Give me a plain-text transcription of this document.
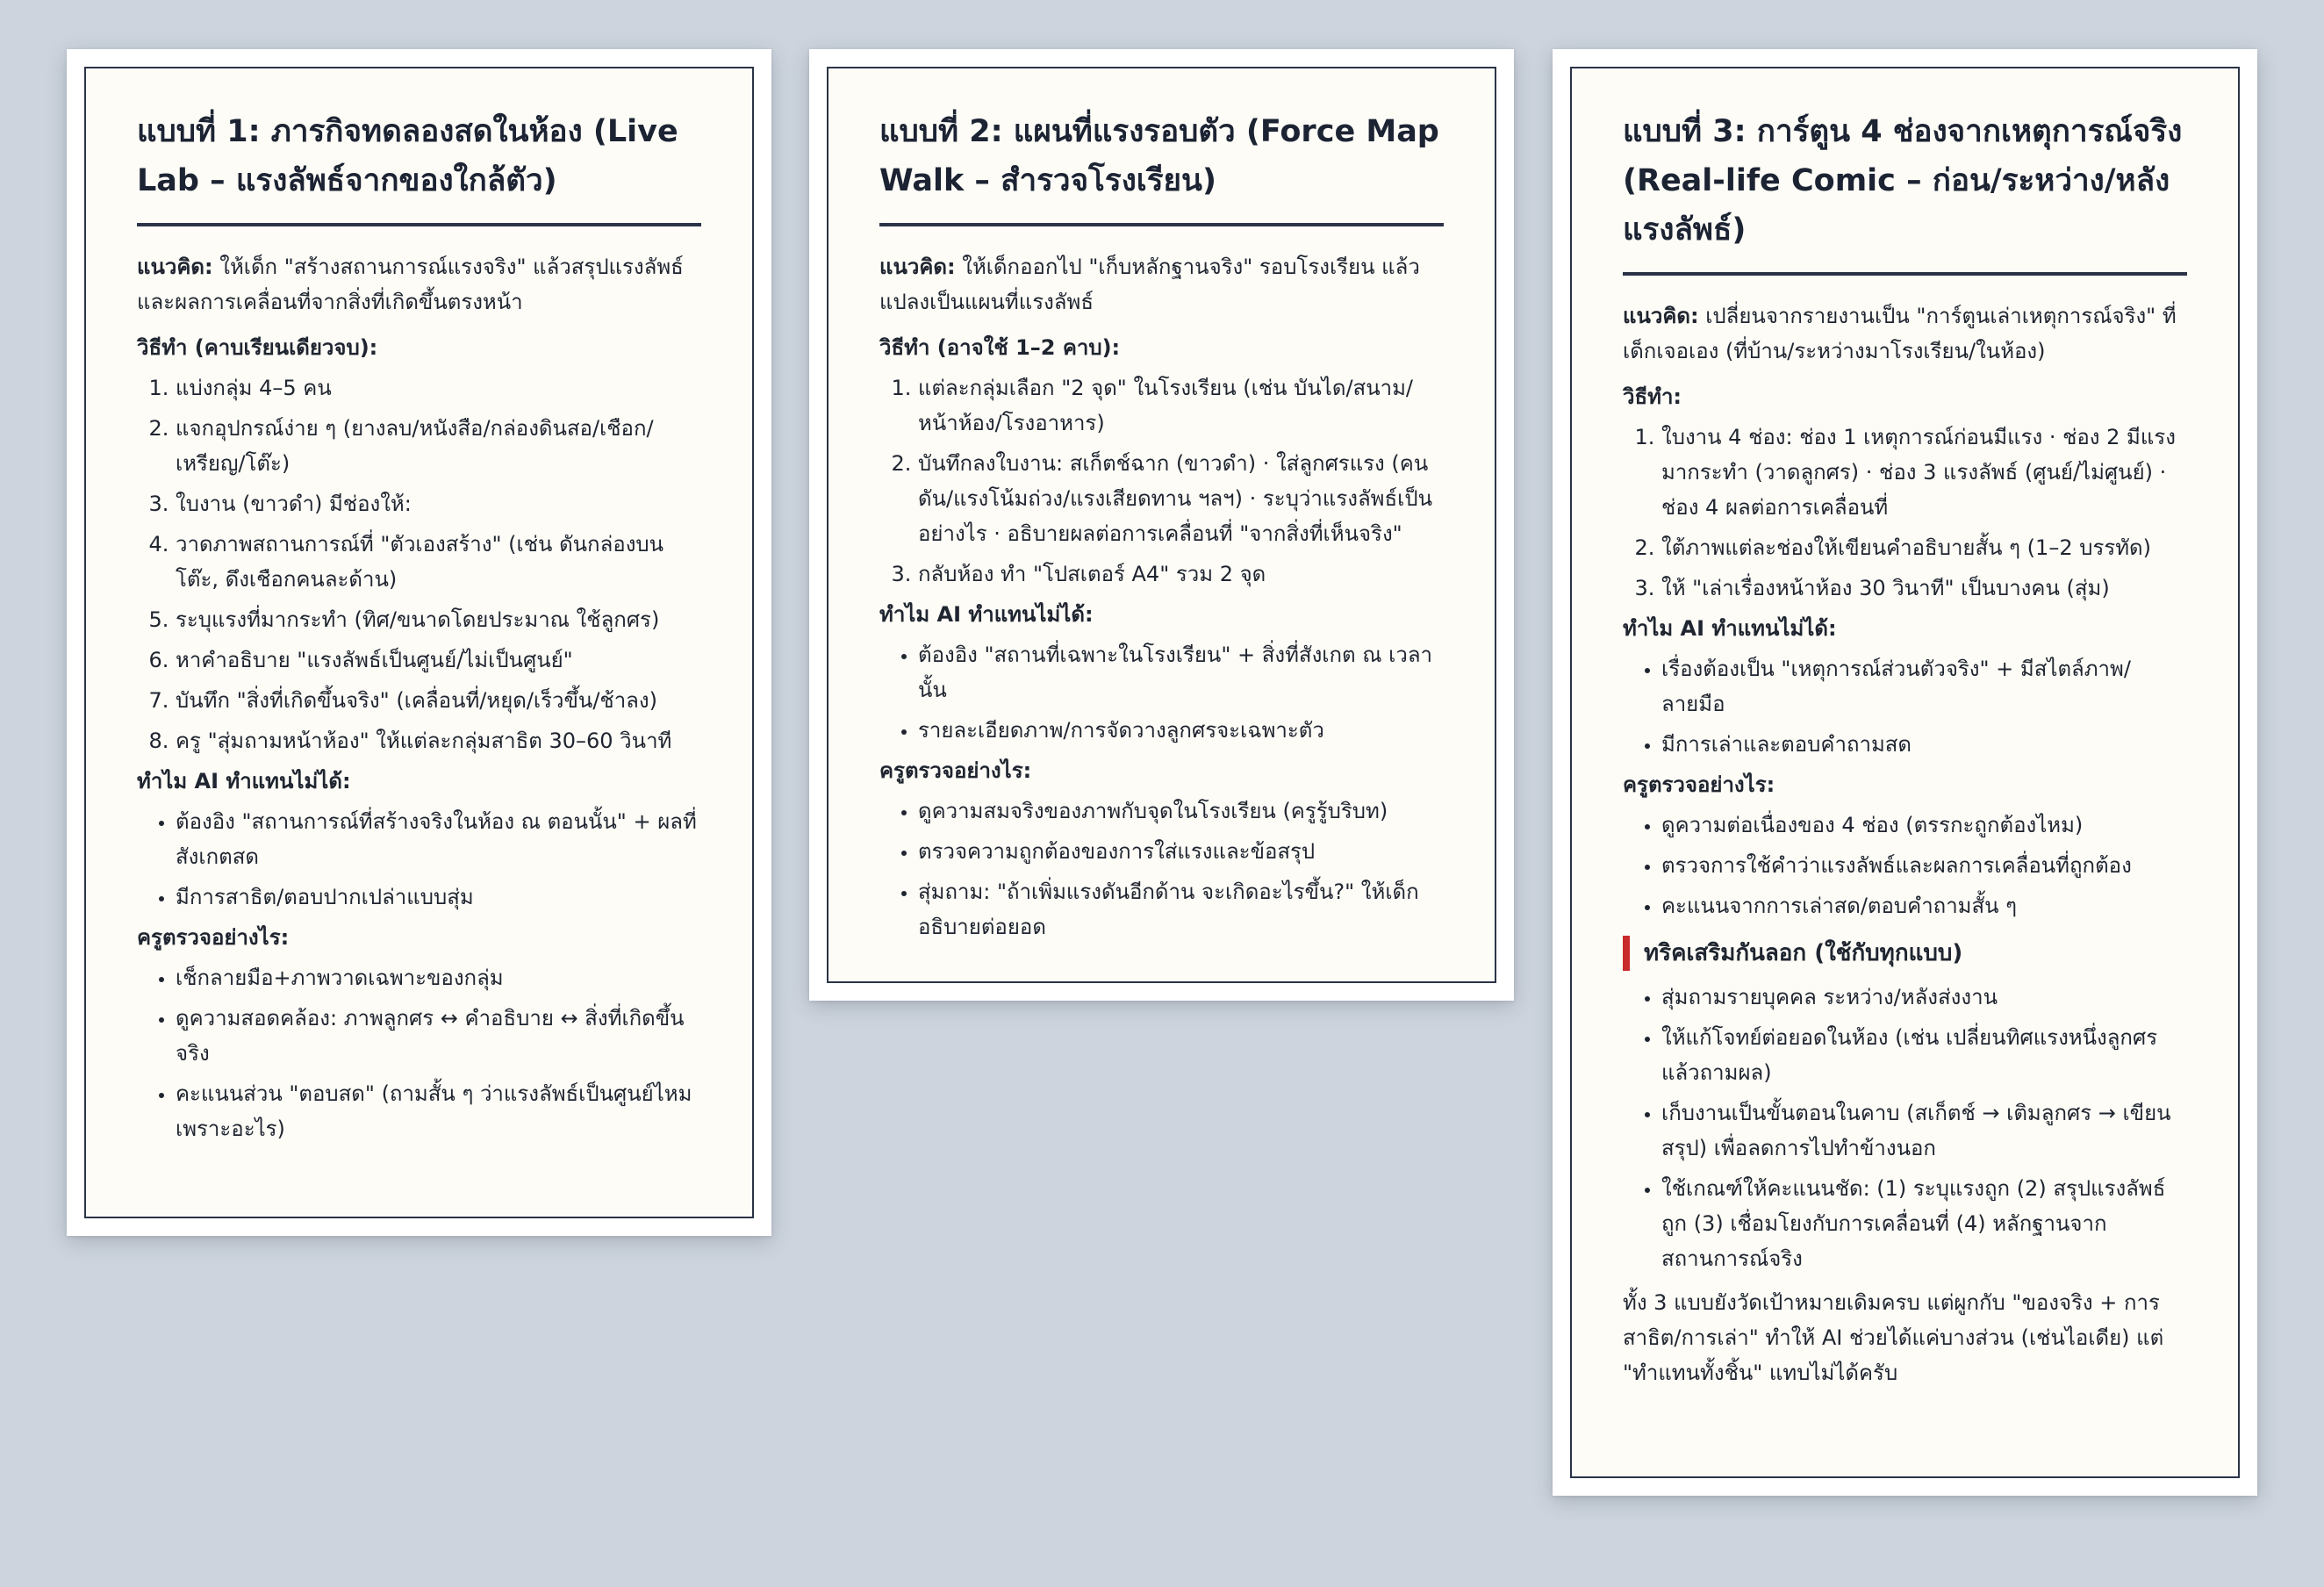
แบบที่ 1: ภารกิจทดลองสดในห้อง (Live Lab – แรงลัพธ์จากของใกล้ตัว)

แนวคิด: ให้เด็ก "สร้างสถานการณ์แรงจริง" แล้วสรุปแรงลัพธ์และผลการเคลื่อนที่จากสิ่งที่เกิดขึ้นตรงหน้า

วิธีทำ (คาบเรียนเดียวจบ):
1. แบ่งกลุ่ม 4–5 คน
2. แจกอุปกรณ์ง่าย ๆ (ยางลบ/หนังสือ/กล่องดินสอ/เชือก/เหรียญ/โต๊ะ)
3. ใบงาน (ขาวดำ) มีช่องให้:
4. วาดภาพสถานการณ์ที่ "ตัวเองสร้าง" (เช่น ดันกล่องบนโต๊ะ, ดึงเชือกคนละด้าน)
5. ระบุแรงที่มากระทำ (ทิศ/ขนาดโดยประมาณ ใช้ลูกศร)
6. หาคำอธิบาย "แรงลัพธ์เป็นศูนย์/ไม่เป็นศูนย์"
7. บันทึก "สิ่งที่เกิดขึ้นจริง" (เคลื่อนที่/หยุด/เร็วขึ้น/ช้าลง)
8. ครู "สุ่มถามหน้าห้อง" ให้แต่ละกลุ่มสาธิต 30–60 วินาที
ทำไม AI ทำแทนไม่ได้:
• ต้องอิง "สถานการณ์ที่สร้างจริงในห้อง ณ ตอนนั้น" + ผลที่สังเกตสด
• มีการสาธิต/ตอบปากเปล่าแบบสุ่ม
ครูตรวจอย่างไร:
• เช็กลายมือ+ภาพวาดเฉพาะของกลุ่ม
• ดูความสอดคล้อง: ภาพลูกศร ↔ คำอธิบาย ↔ สิ่งที่เกิดขึ้นจริง
• คะแนนส่วน "ตอบสด" (ถามสั้น ๆ ว่าแรงลัพธ์เป็นศูนย์ไหม เพราะอะไร)
แบบที่ 2: แผนที่แรงรอบตัว (Force Map Walk – สำรวจโรงเรียน)

แนวคิด: ให้เด็กออกไป "เก็บหลักฐานจริง" รอบโรงเรียน แล้วแปลงเป็นแผนที่แรงลัพธ์

วิธีทำ (อาจใช้ 1–2 คาบ):
1. แต่ละกลุ่มเลือก "2 จุด" ในโรงเรียน (เช่น บันได/สนาม/หน้าห้อง/โรงอาหาร)
2. บันทึกลงใบงาน: สเก็ตช์ฉาก (ขาวดำ) · ใส่ลูกศรแรง (คนดัน/แรงโน้มถ่วง/แรงเสียดทาน ฯลฯ) · ระบุว่าแรงลัพธ์เป็นอย่างไร · อธิบายผลต่อการเคลื่อนที่ "จากสิ่งที่เห็นจริง"
3. กลับห้อง ทำ "โปสเตอร์ A4" รวม 2 จุด
ทำไม AI ทำแทนไม่ได้:
• ต้องอิง "สถานที่เฉพาะในโรงเรียน" + สิ่งที่สังเกต ณ เวลานั้น
• รายละเอียดภาพ/การจัดวางลูกศรจะเฉพาะตัว
ครูตรวจอย่างไร:
• ดูความสมจริงของภาพกับจุดในโรงเรียน (ครูรู้บริบท)
• ตรวจความถูกต้องของการใส่แรงและข้อสรุป
• สุ่มถาม: "ถ้าเพิ่มแรงดันอีกด้าน จะเกิดอะไรขึ้น?" ให้เด็กอธิบายต่อยอด
แบบที่ 3: การ์ตูน 4 ช่องจากเหตุการณ์จริง (Real-life Comic – ก่อน/ระหว่าง/หลังแรงลัพธ์)

แนวคิด: เปลี่ยนจากรายงานเป็น "การ์ตูนเล่าเหตุการณ์จริง" ที่เด็กเจอเอง (ที่บ้าน/ระหว่างมาโรงเรียน/ในห้อง)

วิธีทำ:
1. ใบงาน 4 ช่อง: ช่อง 1 เหตุการณ์ก่อนมีแรง · ช่อง 2 มีแรงมากระทำ (วาดลูกศร) · ช่อง 3 แรงลัพธ์ (ศูนย์/ไม่ศูนย์) · ช่อง 4 ผลต่อการเคลื่อนที่
2. ใต้ภาพแต่ละช่องให้เขียนคำอธิบายสั้น ๆ (1–2 บรรทัด)
3. ให้ "เล่าเรื่องหน้าห้อง 30 วินาที" เป็นบางคน (สุ่ม)
ทำไม AI ทำแทนไม่ได้:
• เรื่องต้องเป็น "เหตุการณ์ส่วนตัวจริง" + มีสไตล์ภาพ/ลายมือ
• มีการเล่าและตอบคำถามสด
ครูตรวจอย่างไร:
• ดูความต่อเนื่องของ 4 ช่อง (ตรรกะถูกต้องไหม)
• ตรวจการใช้คำว่าแรงลัพธ์และผลการเคลื่อนที่ถูกต้อง
• คะแนนจากการเล่าสด/ตอบคำถามสั้น ๆ
ทริคเสริมกันลอก (ใช้กับทุกแบบ)
• สุ่มถามรายบุคคล ระหว่าง/หลังส่งงาน
• ให้แก้โจทย์ต่อยอดในห้อง (เช่น เปลี่ยนทิศแรงหนึ่งลูกศรแล้วถามผล)
• เก็บงานเป็นขั้นตอนในคาบ (สเก็ตช์ → เติมลูกศร → เขียนสรุป) เพื่อลดการไปทำข้างนอก
• ใช้เกณฑ์ให้คะแนนชัด: (1) ระบุแรงถูก (2) สรุปแรงลัพธ์ถูก (3) เชื่อมโยงกับการเคลื่อนที่ (4) หลักฐานจากสถานการณ์จริง

ทั้ง 3 แบบยังวัดเป้าหมายเดิมครบ แต่ผูกกับ "ของจริง + การสาธิต/การเล่า" ทำให้ AI ช่วยได้แค่บางส่วน (เช่นไอเดีย) แต่ "ทำแทนทั้งชิ้น" แทบไม่ได้ครับ
